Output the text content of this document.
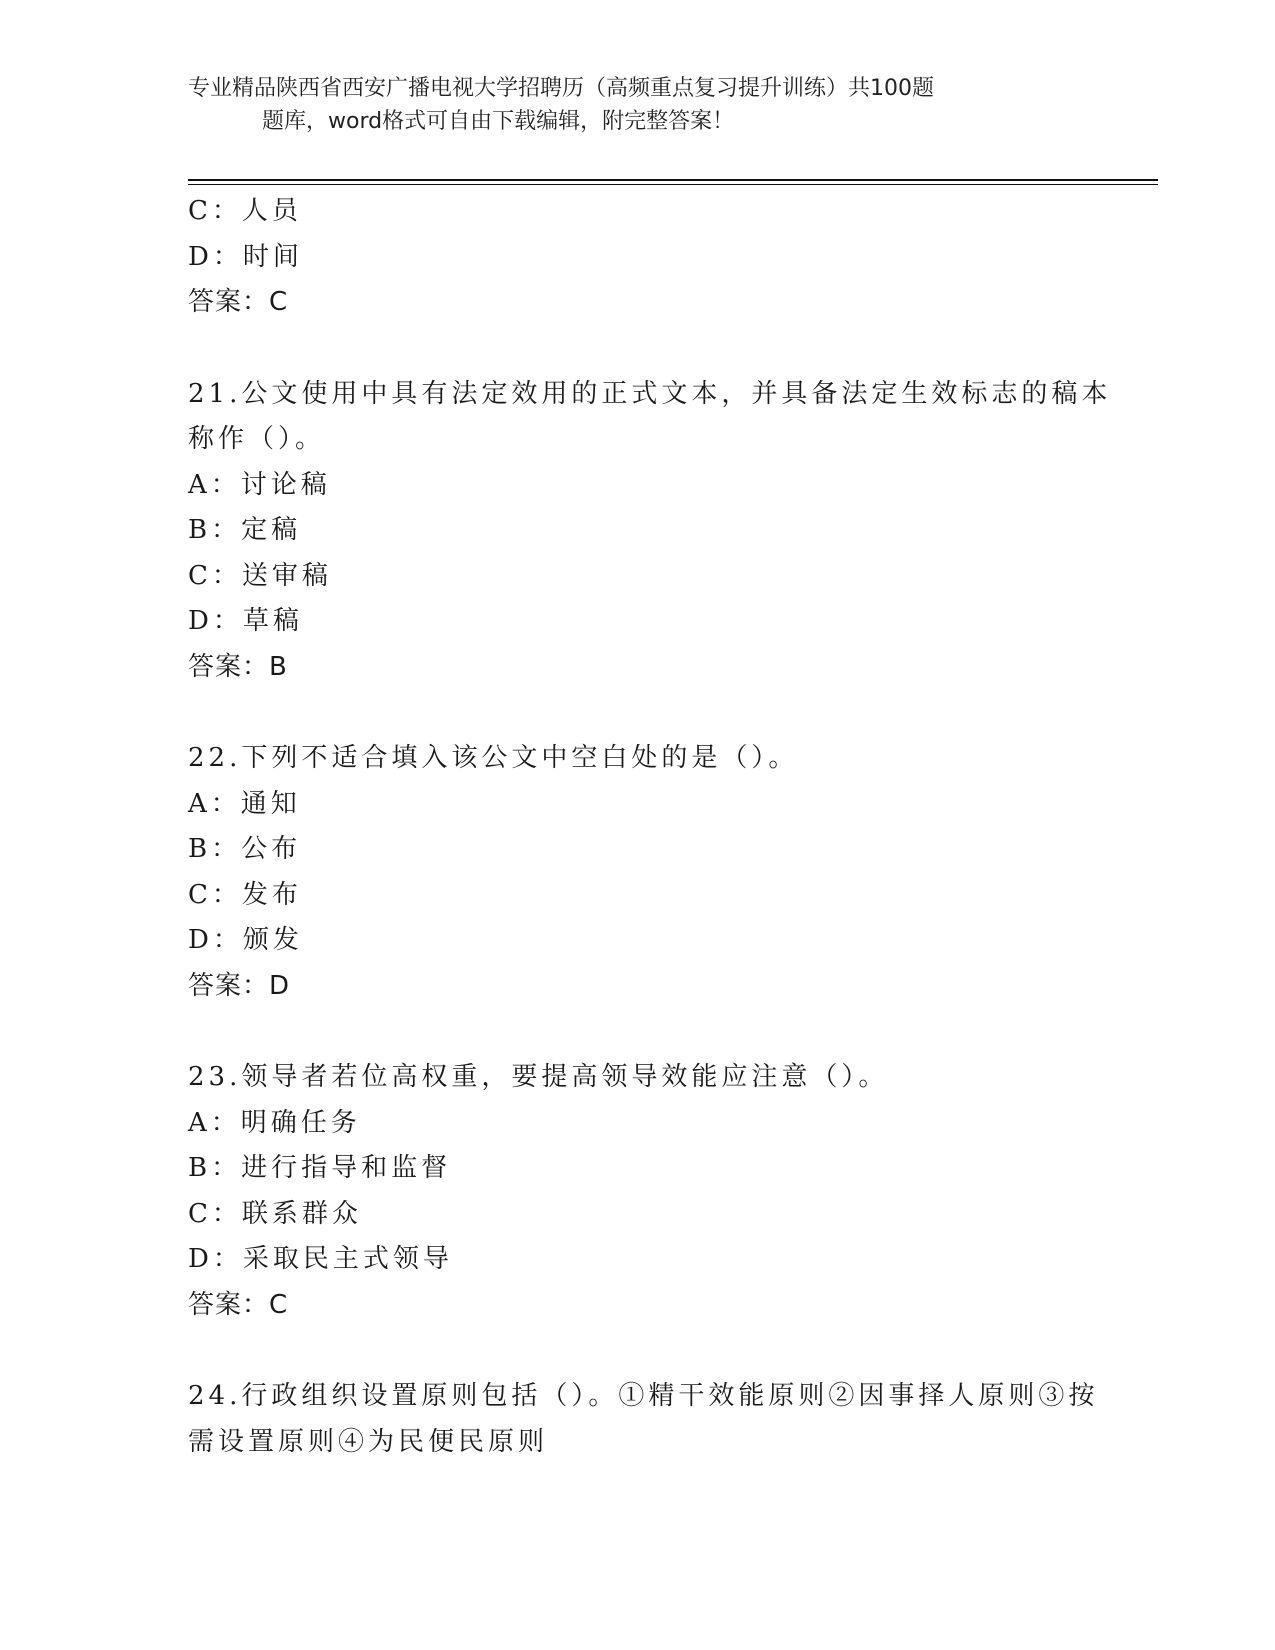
专业精品陕西省西安广播电视大学招聘历（高频重点复习提升训练）共100题
题库，word格式可自由下载编辑，附完整答案！
C：人员
D：时间
答案：C
21.公文使用中具有法定效用的正式文本，并具备法定生效标志的稿本
称作（）。
A：讨论稿
B：定稿
C：送审稿
D：草稿
答案：B
22.下列不适合填入该公文中空白处的是（）。
A：通知
B：公布
C：发布
D：颁发
答案：D
23.领导者若位高权重，要提高领导效能应注意（）。
A：明确任务
B：进行指导和监督
C：联系群众
D：采取民主式领导
答案：C
24.行政组织设置原则包括（）。①精干效能原则②因事择人原则③按
需设置原则④为民便民原则
